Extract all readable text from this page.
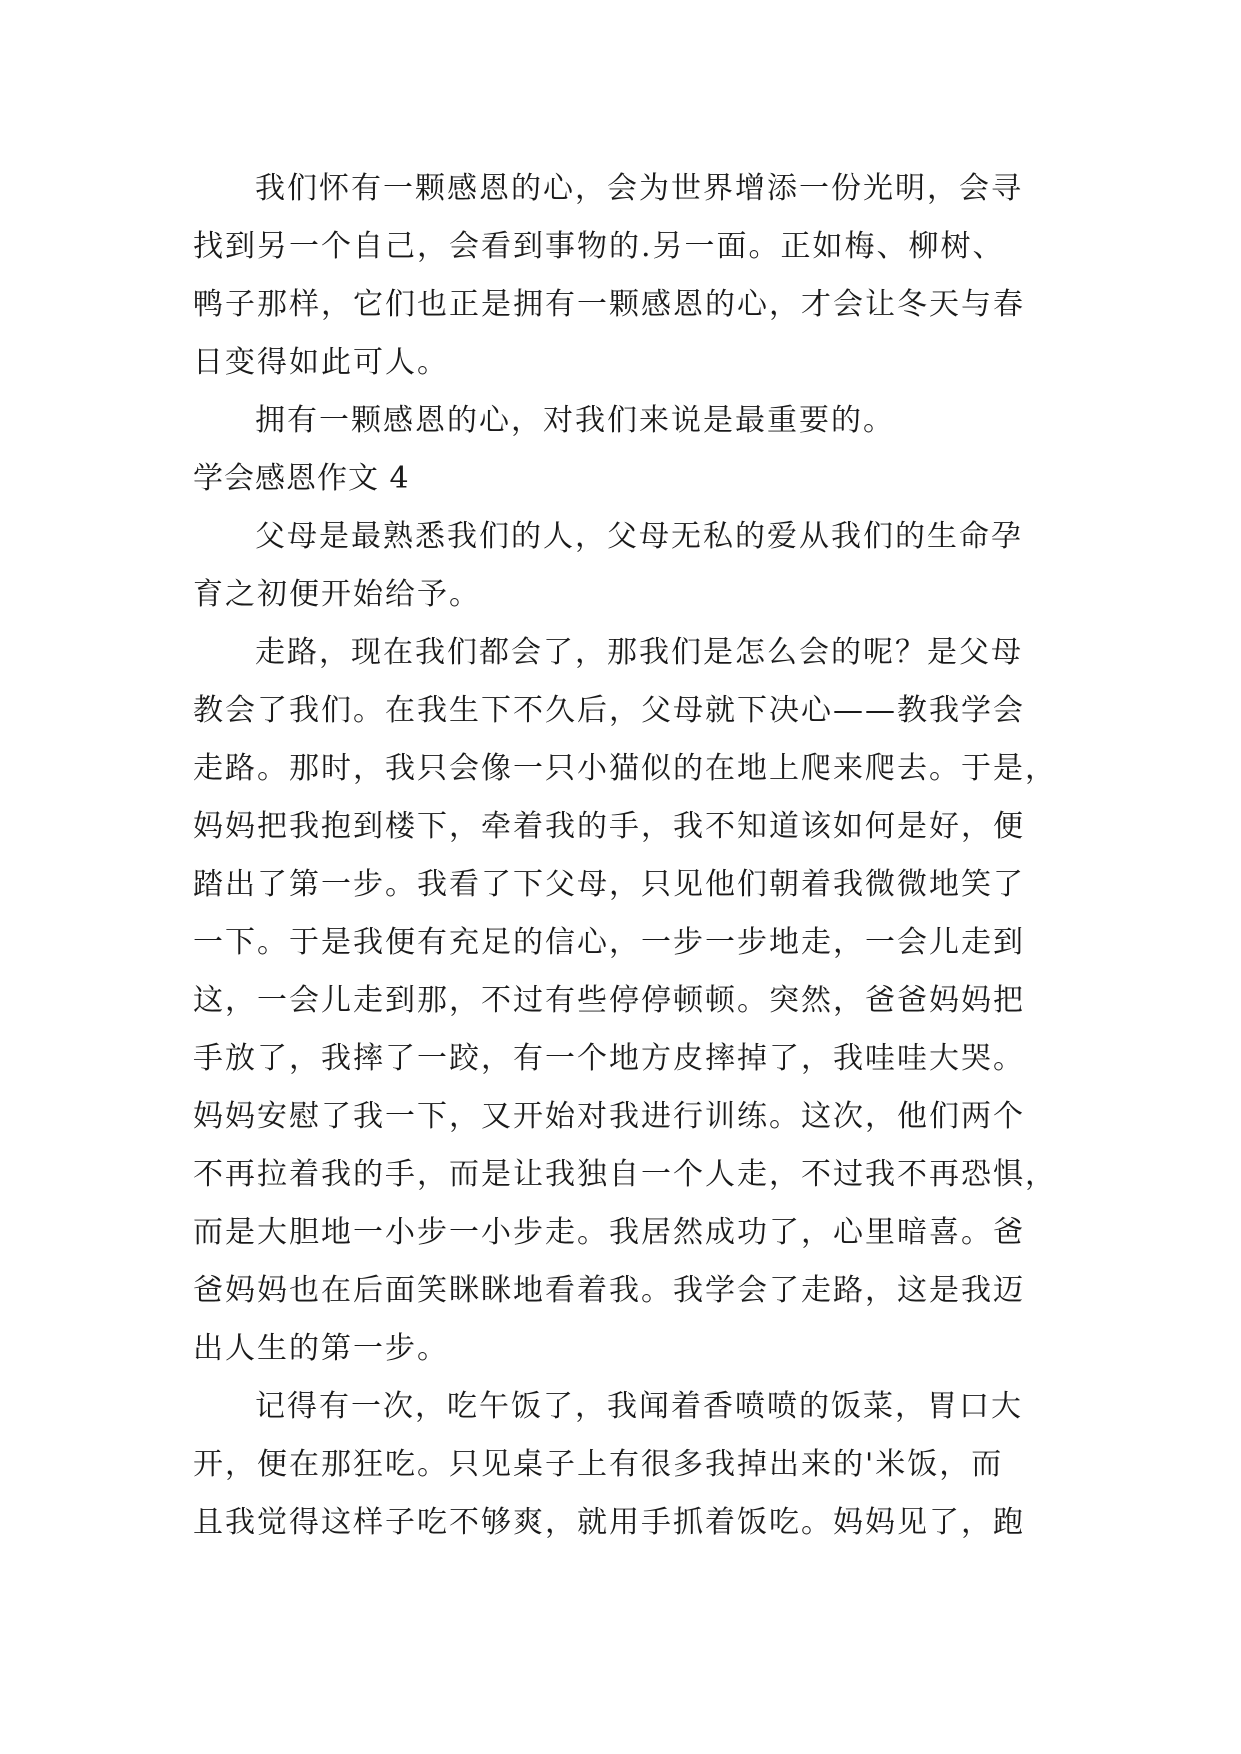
我们怀有一颗感恩的心，会为世界增添一份光明，会寻
找到另一个自己，会看到事物的.另一面。正如梅、柳树、
鸭子那样，它们也正是拥有一颗感恩的心，才会让冬天与春
日变得如此可人。
拥有一颗感恩的心，对我们来说是最重要的。
学会感恩作文 4
父母是最熟悉我们的人，父母无私的爱从我们的生命孕
育之初便开始给予。
走路，现在我们都会了，那我们是怎么会的呢？是父母
教会了我们。在我生下不久后，父母就下决心——教我学会
走路。那时，我只会像一只小猫似的在地上爬来爬去。于是，
妈妈把我抱到楼下，牵着我的手，我不知道该如何是好，便
踏出了第一步。我看了下父母，只见他们朝着我微微地笑了
一下。于是我便有充足的信心，一步一步地走，一会儿走到
这，一会儿走到那，不过有些停停顿顿。突然，爸爸妈妈把
手放了，我摔了一跤，有一个地方皮摔掉了，我哇哇大哭。
妈妈安慰了我一下，又开始对我进行训练。这次，他们两个
不再拉着我的手，而是让我独自一个人走，不过我不再恐惧，
而是大胆地一小步一小步走。我居然成功了，心里暗喜。爸
爸妈妈也在后面笑眯眯地看着我。我学会了走路，这是我迈
出人生的第一步。
记得有一次，吃午饭了，我闻着香喷喷的饭菜，胃口大
开，便在那狂吃。只见桌子上有很多我掉出来的'米饭，而
且我觉得这样子吃不够爽，就用手抓着饭吃。妈妈见了，跑
